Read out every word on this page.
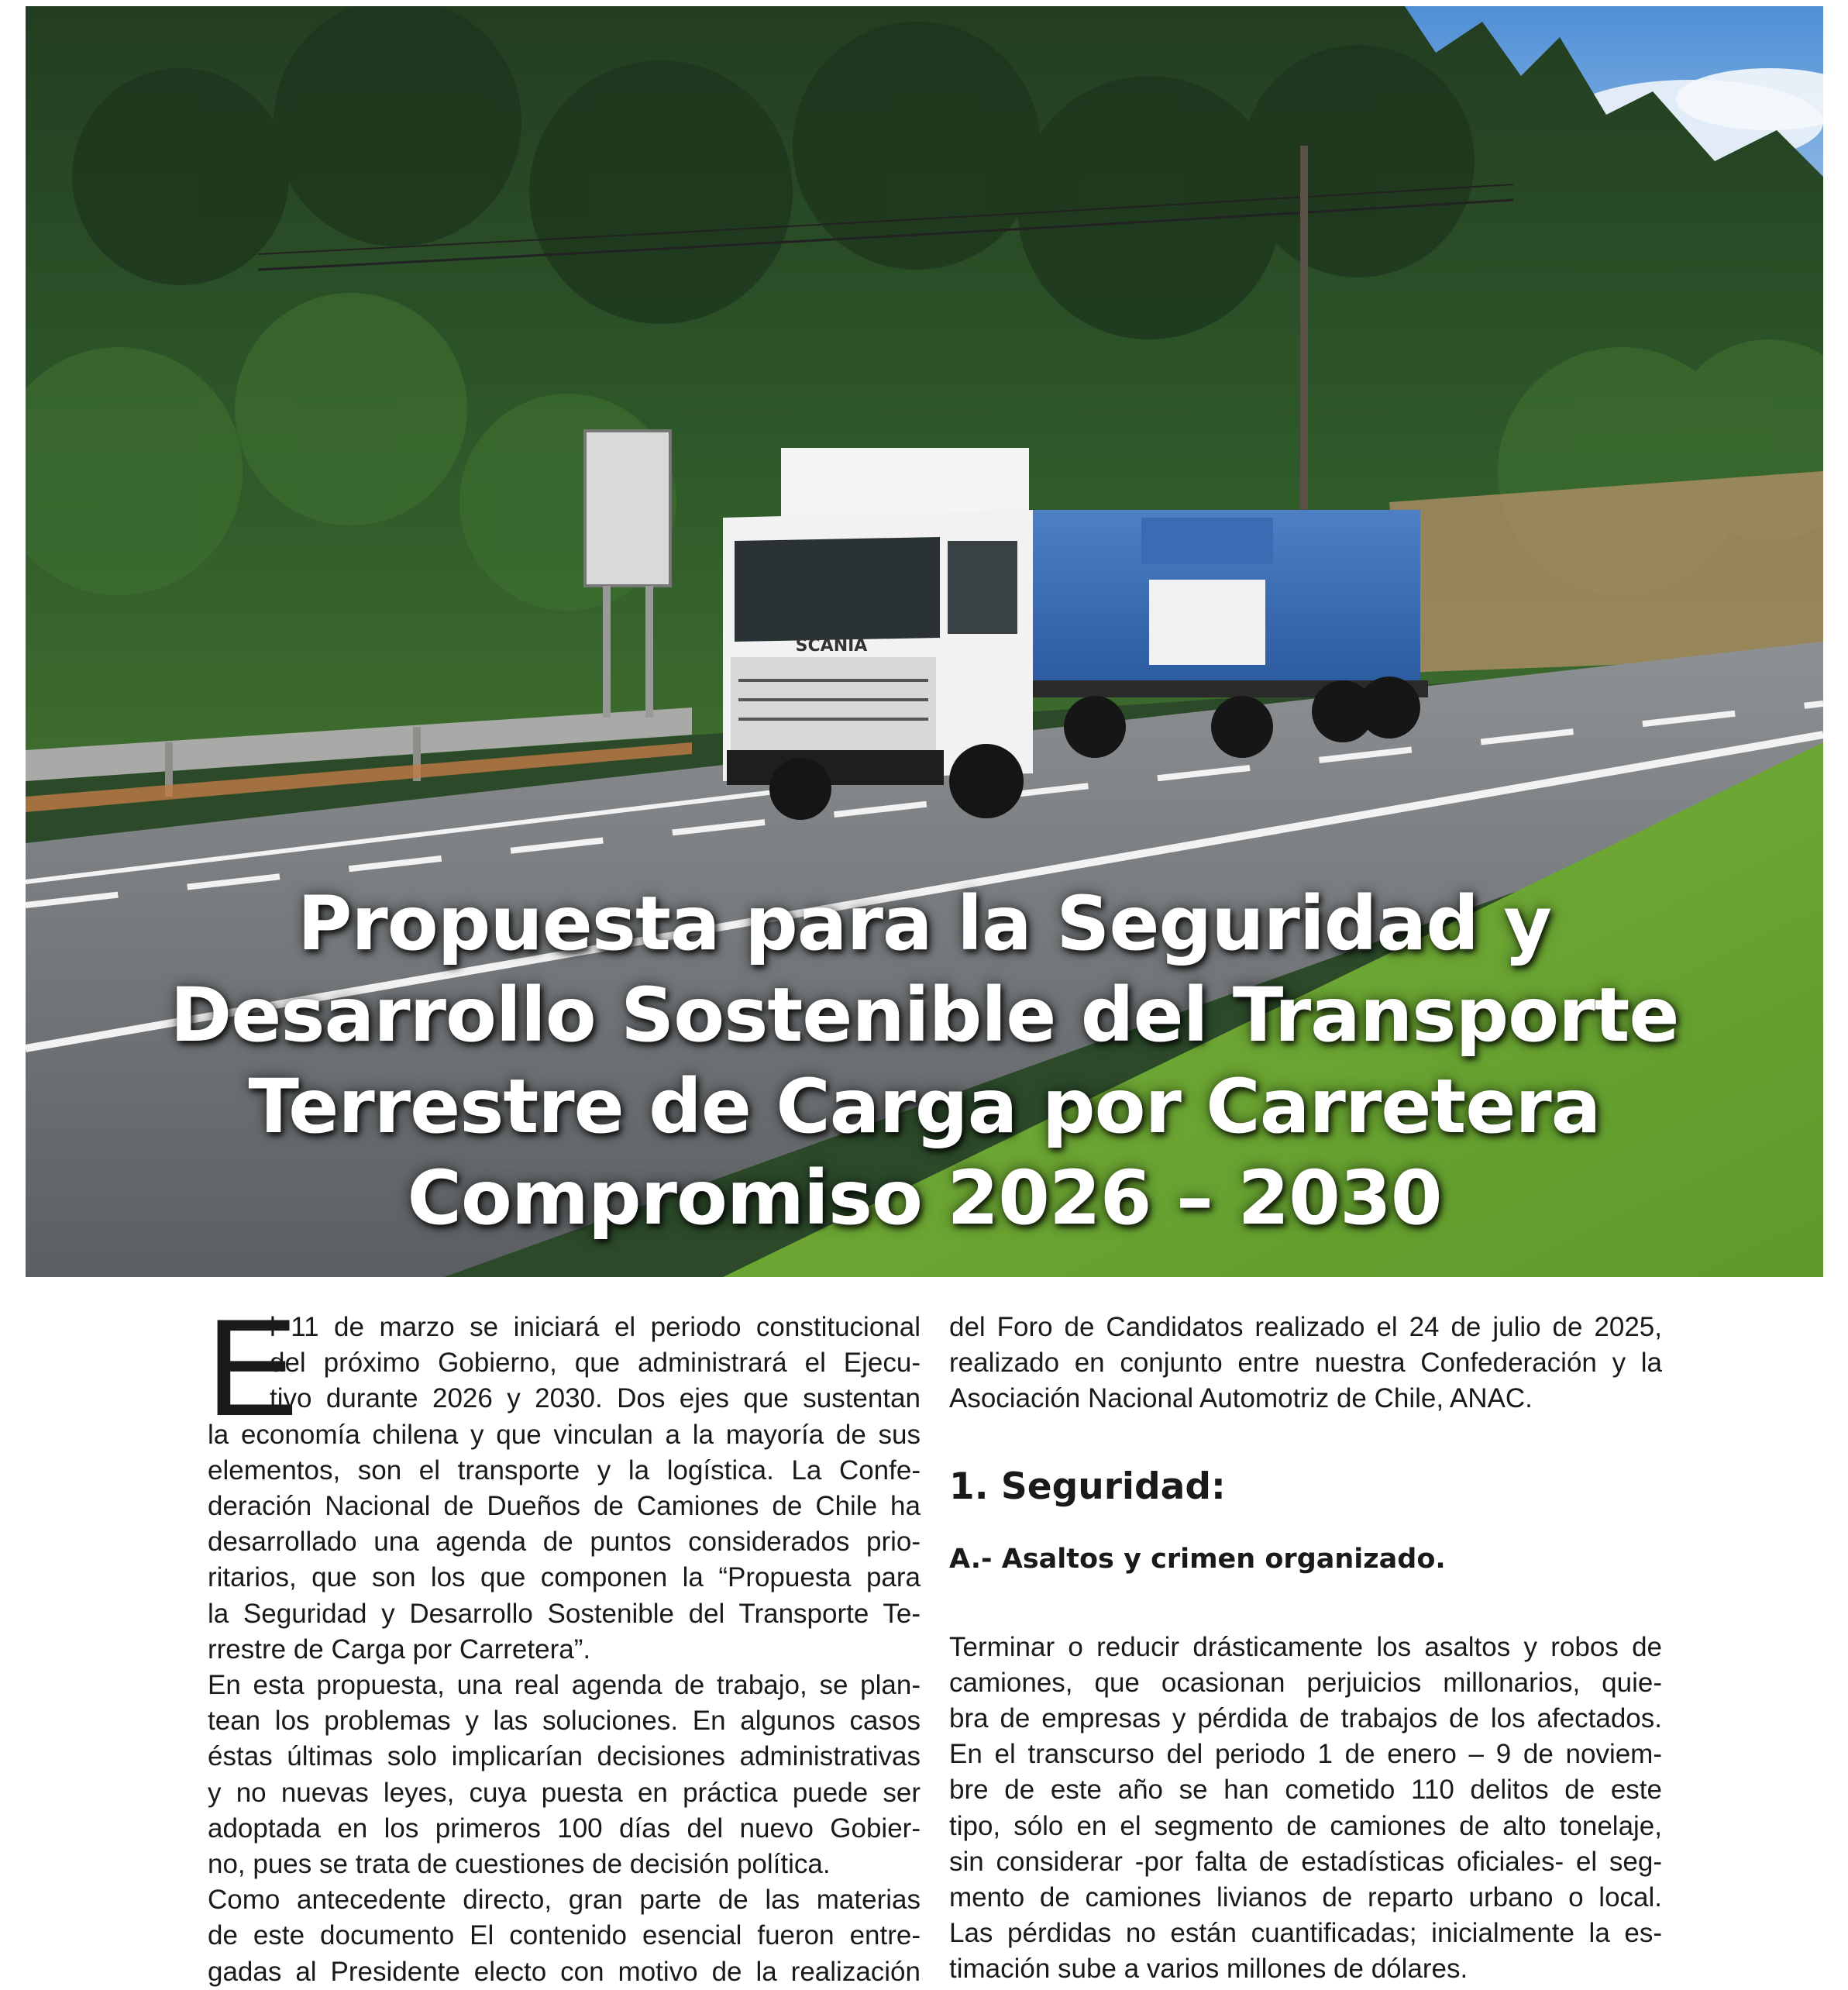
SCANIA
Propuesta para la Seguridad y
Desarrollo Sostenible del Transporte
Terrestre de Carga por Carretera
Compromiso 2026 – 2030
E
l 11 de marzo se iniciará el periodo constitucional
del próximo Gobierno, que administrará el Ejecu-
tivo durante 2026 y 2030. Dos ejes que sustentan
la economía chilena y que vinculan a la mayoría de sus
elementos, son el transporte y la logística. La Confe-
deración Nacional de Dueños de Camiones de Chile ha
desarrollado una agenda de puntos considerados prio-
ritarios, que son los que componen la “Propuesta para
la Seguridad y Desarrollo Sostenible del Transporte Te-
rrestre de Carga por Carretera”.
En esta propuesta, una real agenda de trabajo, se plan-
tean los problemas y las soluciones. En algunos casos
éstas últimas solo implicarían decisiones administrativas
y no nuevas leyes, cuya puesta en práctica puede ser
adoptada en los primeros 100 días del nuevo Gobier-
no, pues se trata de cuestiones de decisión política.
Como antecedente directo, gran parte de las materias
de este documento El contenido esencial fueron entre-
gadas al Presidente electo con motivo de la realización
del Foro de Candidatos realizado el 24 de julio de 2025,
realizado en conjunto entre nuestra Confederación y la
Asociación Nacional Automotriz de Chile, ANAC.
1. Seguridad:
A.- Asaltos y crimen organizado.
Terminar o reducir drásticamente los asaltos y robos de
camiones, que ocasionan perjuicios millonarios, quie-
bra de empresas y pérdida de trabajos de los afectados.
En el transcurso del periodo 1 de enero – 9 de noviem-
bre de este año se han cometido 110 delitos de este
tipo, sólo en el segmento de camiones de alto tonelaje,
sin considerar -por falta de estadísticas oficiales- el seg-
mento de camiones livianos de reparto urbano o local.
Las pérdidas no están cuantificadas; inicialmente la es-
timación sube a varios millones de dólares.
